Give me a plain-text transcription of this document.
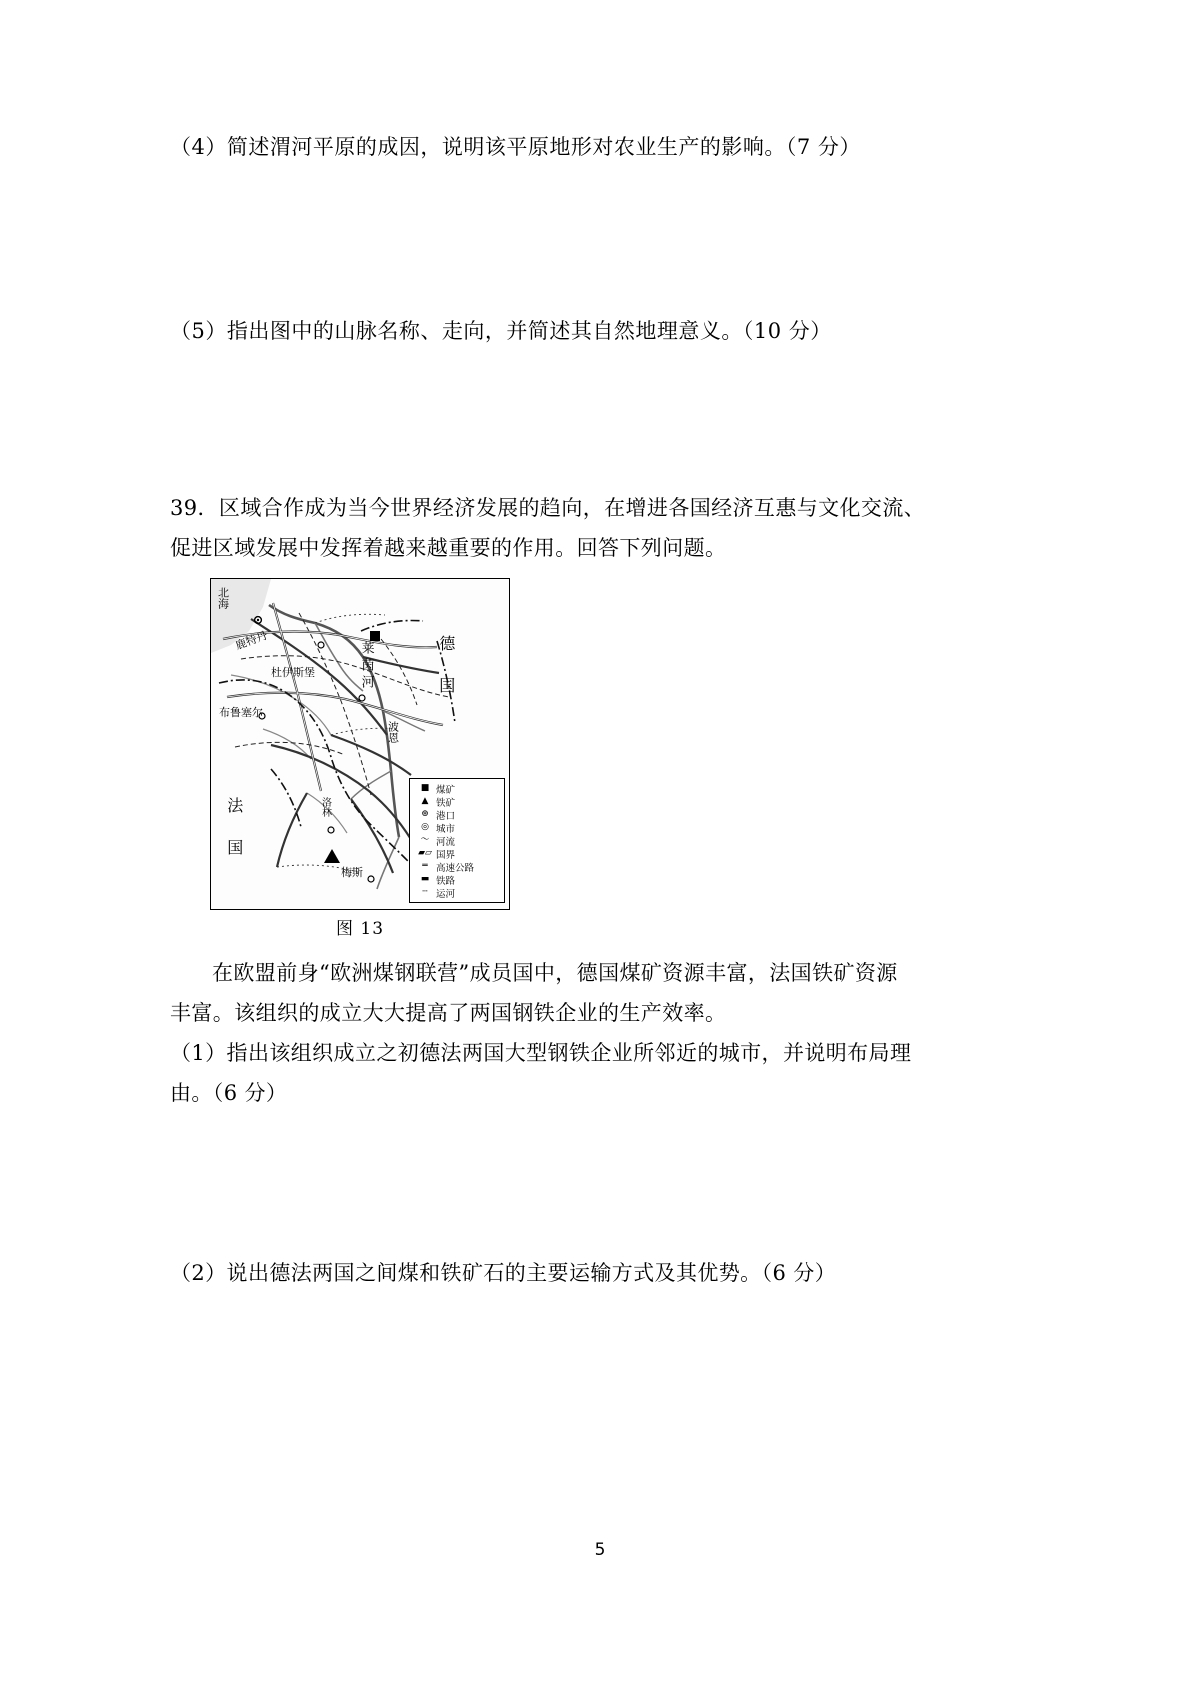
（4）简述渭河平原的成因，说明该平原地形对农业生产的影响。（7 分）

（5）指出图中的山脉名称、走向，并简述其自然地理意义。（10 分）

39．区域合作成为当今世界经济发展的趋向，在增进各国经济互惠与文化交流、

促进区域发展中发挥着越来越重要的作用。回答下列问题。

北海
鹿特丹
杜伊斯堡	莱茵河
波恩
布鲁塞尔	德国
法国	洛林
梅斯
■ 煤矿
▲ 铁矿
⊛ 港口
◎ 城市
〜 河流
▰▱ 国界
═ 高速公路
▬ 铁路
┄ 运河
图 13

在欧盟前身“欧洲煤钢联营”成员国中，德国煤矿资源丰富，法国铁矿资源

丰富。该组织的成立大大提高了两国钢铁企业的生产效率。

（1）指出该组织成立之初德法两国大型钢铁企业所邻近的城市，并说明布局理

由。（6 分）

（2）说出德法两国之间煤和铁矿石的主要运输方式及其优势。（6 分）

5
